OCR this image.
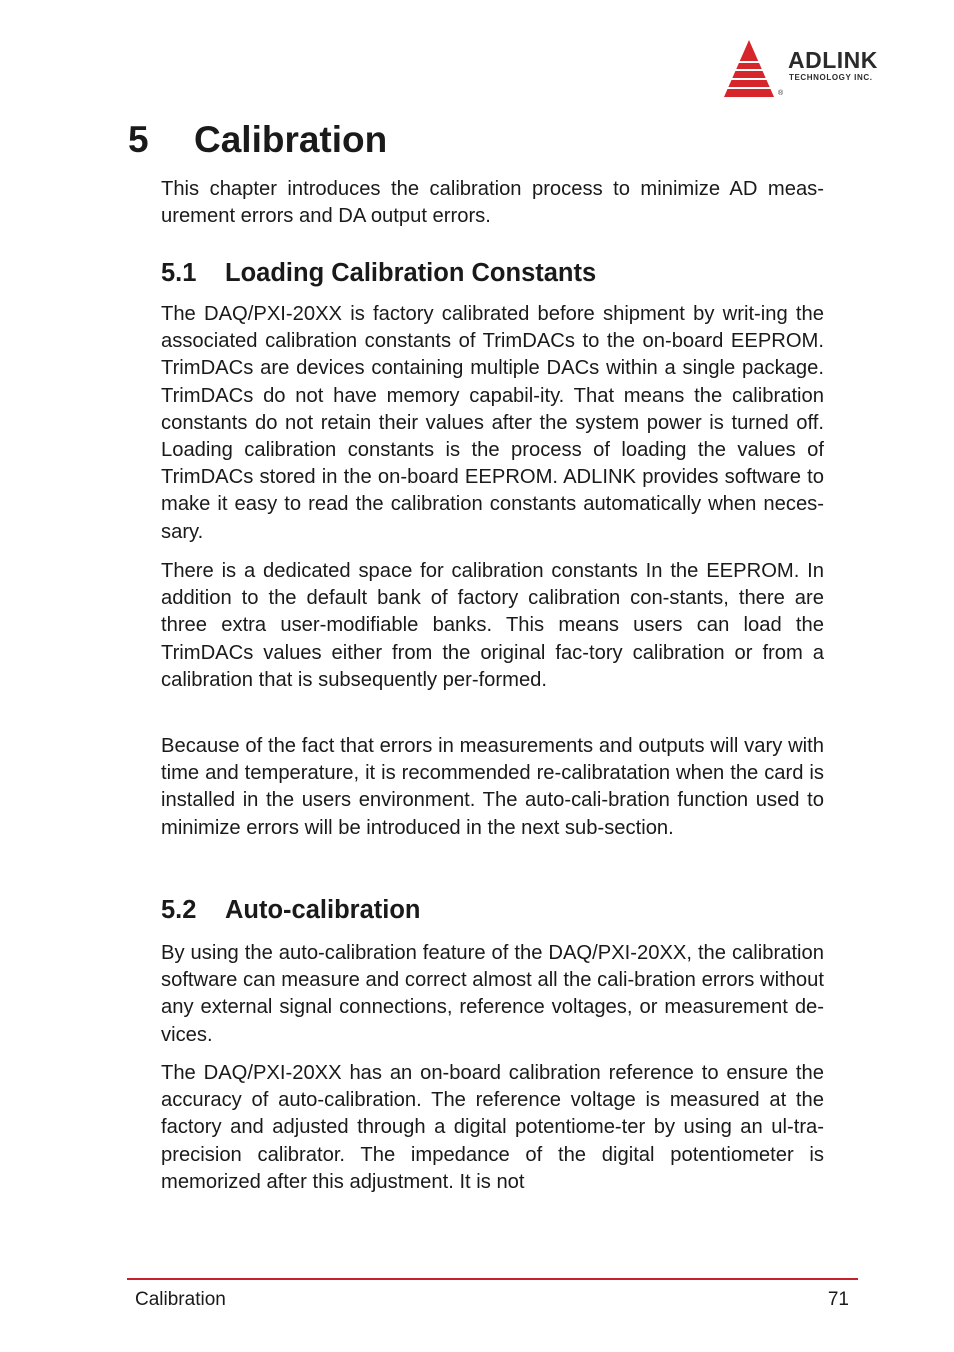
ADLINK
TECHNOLOGY INC.
®
5 Calibration

This chapter introduces the calibration process to minimize AD meas-urement errors and DA output errors.

5.1 Loading Calibration Constants

The DAQ/PXI-20XX is factory calibrated before shipment by writ-ing the associated calibration constants of TrimDACs to the on-board EEPROM. TrimDACs are devices containing multiple DACs within a single package. TrimDACs do not have memory capabil-ity. That means the calibration constants do not retain their values after the system power is turned off. Loading calibration constants is the process of loading the values of TrimDACs stored in the on-board EEPROM. ADLINK provides software to make it easy to read the calibration constants automatically when neces-sary.

There is a dedicated space for calibration constants In the EEPROM. In addition to the default bank of factory calibration con-stants, there are three extra user-modifiable banks. This means users can load the TrimDACs values either from the original fac-tory calibration or from a calibration that is subsequently per-formed.

Because of the fact that errors in measurements and outputs will vary with time and temperature, it is recommended re-calibratation when the card is installed in the users environment. The auto-cali-bration function used to minimize errors will be introduced in the next sub-section.

5.2 Auto-calibration

By using the auto-calibration feature of the DAQ/PXI-20XX, the calibration software can measure and correct almost all the cali-bration errors without any external signal connections, reference voltages, or measurement de-vices.

The DAQ/PXI-20XX has an on-board calibration reference to ensure the accuracy of auto-calibration. The reference voltage is measured at the factory and adjusted through a digital potentiome-ter by using an ul-tra-precision calibrator. The impedance of the digital potentiometer is memorized after this adjustment. It is not

Calibration	71
